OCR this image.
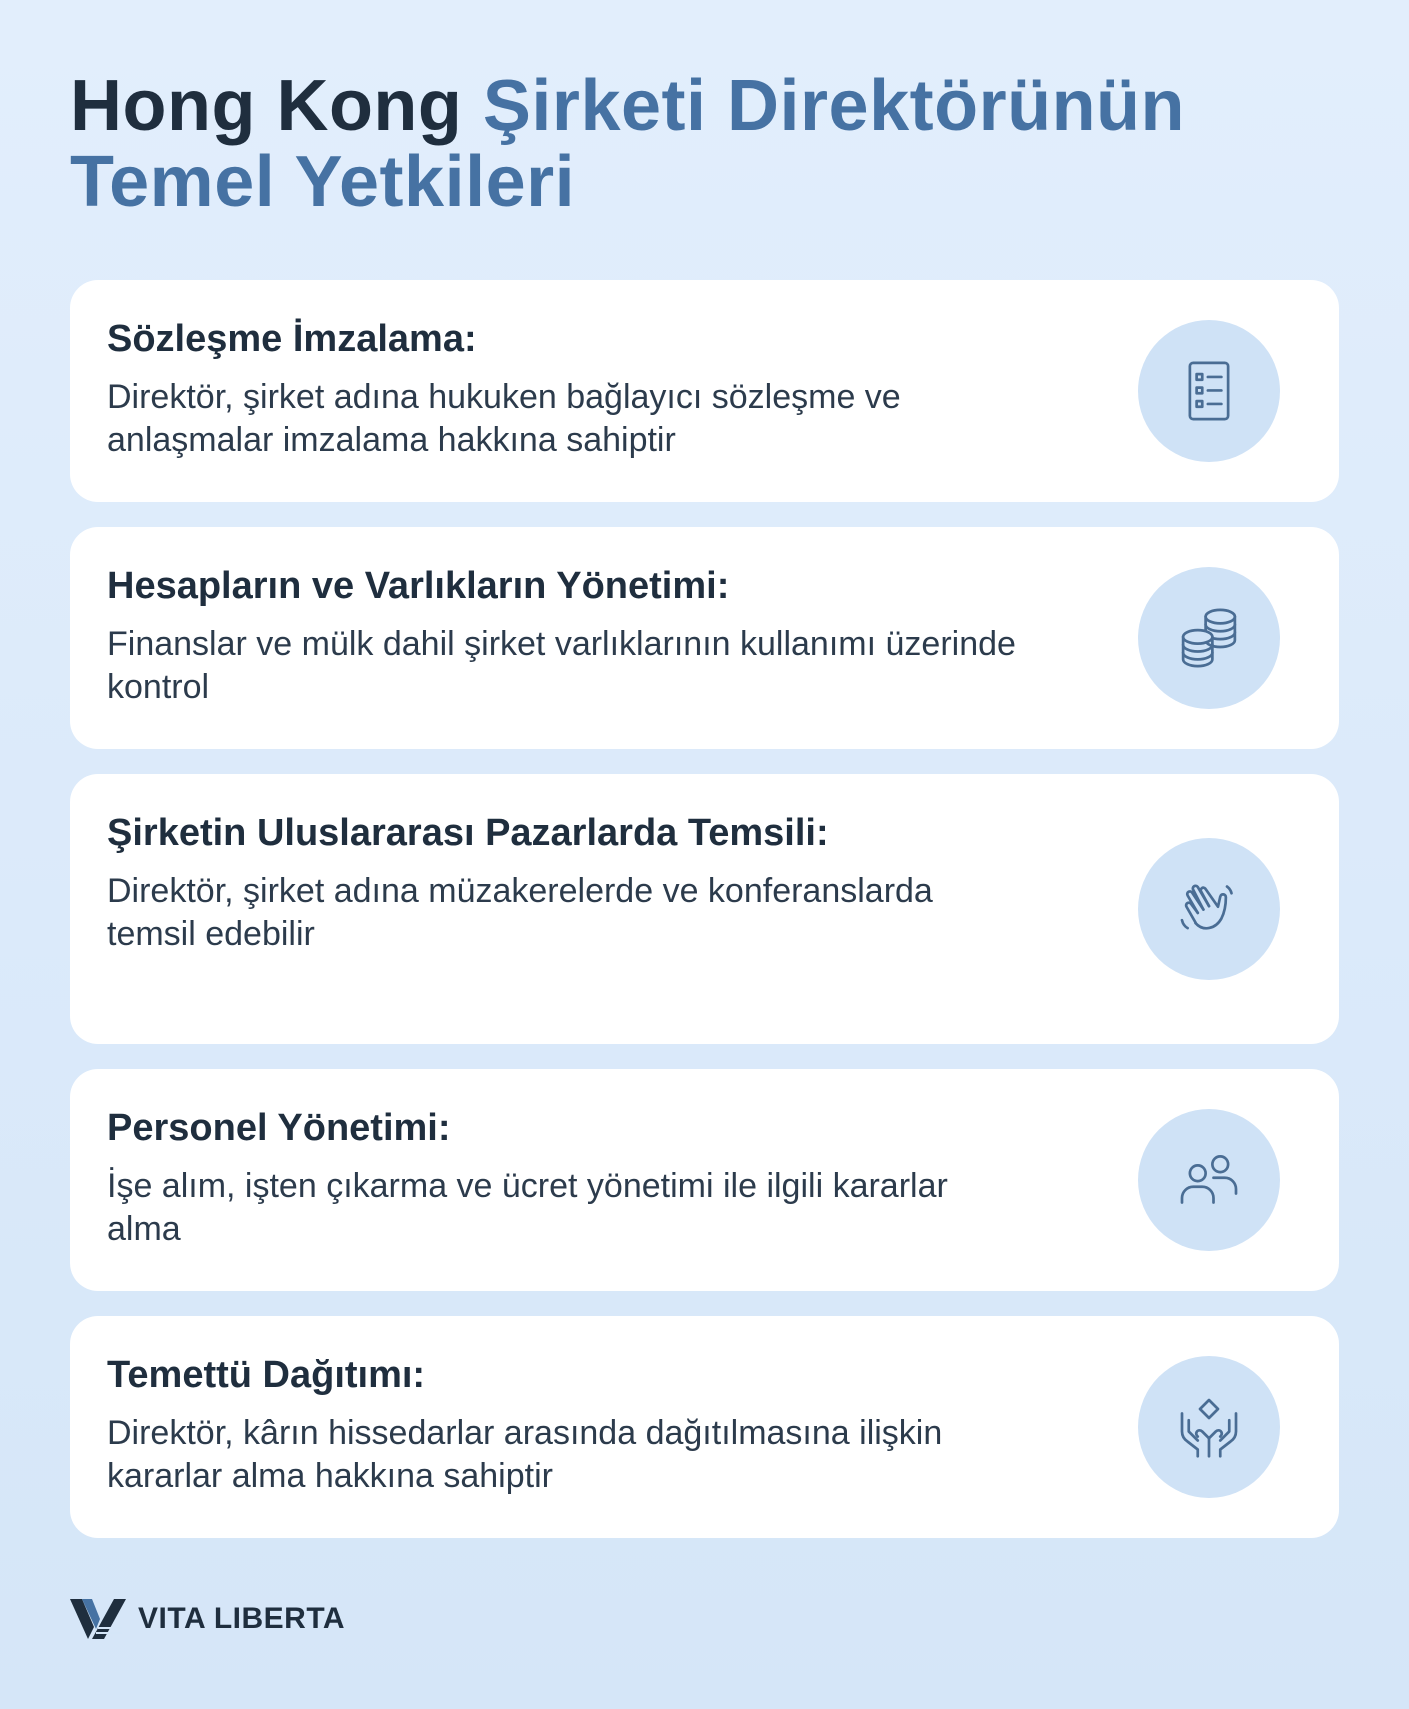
Hong Kong Şirketi Direktörünün Temel Yetkileri
Sözleşme İmzalama:

Direktör, şirket adına hukuken bağlayıcı sözleşme ve anlaşmalar imzalama hakkına sahiptir

Hesapların ve Varlıkların Yönetimi:

Finanslar ve mülk dahil şirket varlıklarının kullanımı üzerinde kontrol

Şirketin Uluslararası Pazarlarda Temsili:

Direktör, şirket adına müzakerelerde ve konferanslarda temsil edebilir

Personel Yönetimi:

İşe alım, işten çıkarma ve ücret yönetimi ile ilgili kararlar alma

Temettü Dağıtımı:

Direktör, kârın hissedarlar arasında dağıtılmasına ilişkin kararlar alma hakkına sahiptir

VITA LIBERTA
